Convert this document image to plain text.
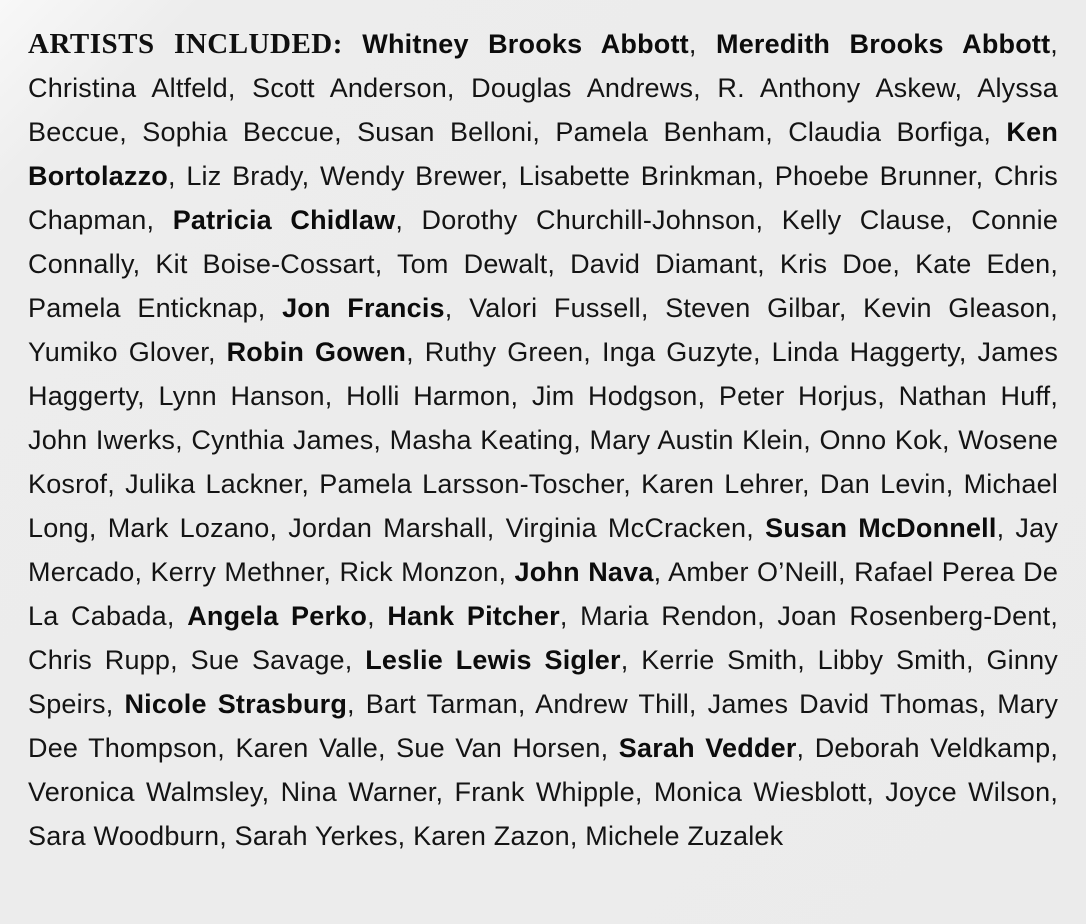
ARTISTS INCLUDED: Whitney Brooks Abbott, Meredith Brooks Abbott, Christina Altfeld, Scott Anderson, Douglas Andrews, R. Anthony Askew, Alyssa Beccue, Sophia Beccue, Susan Belloni, Pamela Benham, Claudia Borfiga, Ken Bortolazzo, Liz Brady, Wendy Brewer, Lisabette Brinkman, Phoebe Brunner, Chris Chapman, Patricia Chidlaw, Dorothy Churchill-Johnson, Kelly Clause, Connie Connally, Kit Boise-Cossart, Tom Dewalt, David Diamant, Kris Doe, Kate Eden, Pamela Enticknap, Jon Francis, Valori Fussell, Steven Gilbar, Kevin Gleason, Yumiko Glover, Robin Gowen, Ruthy Green, Inga Guzyte, Linda Haggerty, James Haggerty, Lynn Hanson, Holli Harmon, Jim Hodgson, Peter Horjus, Nathan Huff, John Iwerks, Cynthia James, Masha Keating, Mary Austin Klein, Onno Kok, Wosene Kosrof, Julika Lackner, Pamela Larsson-Toscher, Karen Lehrer, Dan Levin, Michael Long, Mark Lozano, Jordan Marshall, Virginia McCracken, Susan McDonnell, Jay Mercado, Kerry Methner, Rick Monzon, John Nava, Amber O’Neill, Rafael Perea De La Cabada, Angela Perko, Hank Pitcher, Maria Rendon, Joan Rosenberg-Dent, Chris Rupp, Sue Savage, Leslie Lewis Sigler, Kerrie Smith, Libby Smith, Ginny Speirs, Nicole Strasburg, Bart Tarman, Andrew Thill, James David Thomas, Mary Dee Thompson, Karen Valle, Sue Van Horsen, Sarah Vedder, Deborah Veldkamp, Veronica Walmsley, Nina Warner, Frank Whipple, Monica Wiesblott, Joyce Wilson, Sara Woodburn, Sarah Yerkes, Karen Zazon, Michele Zuzalek
